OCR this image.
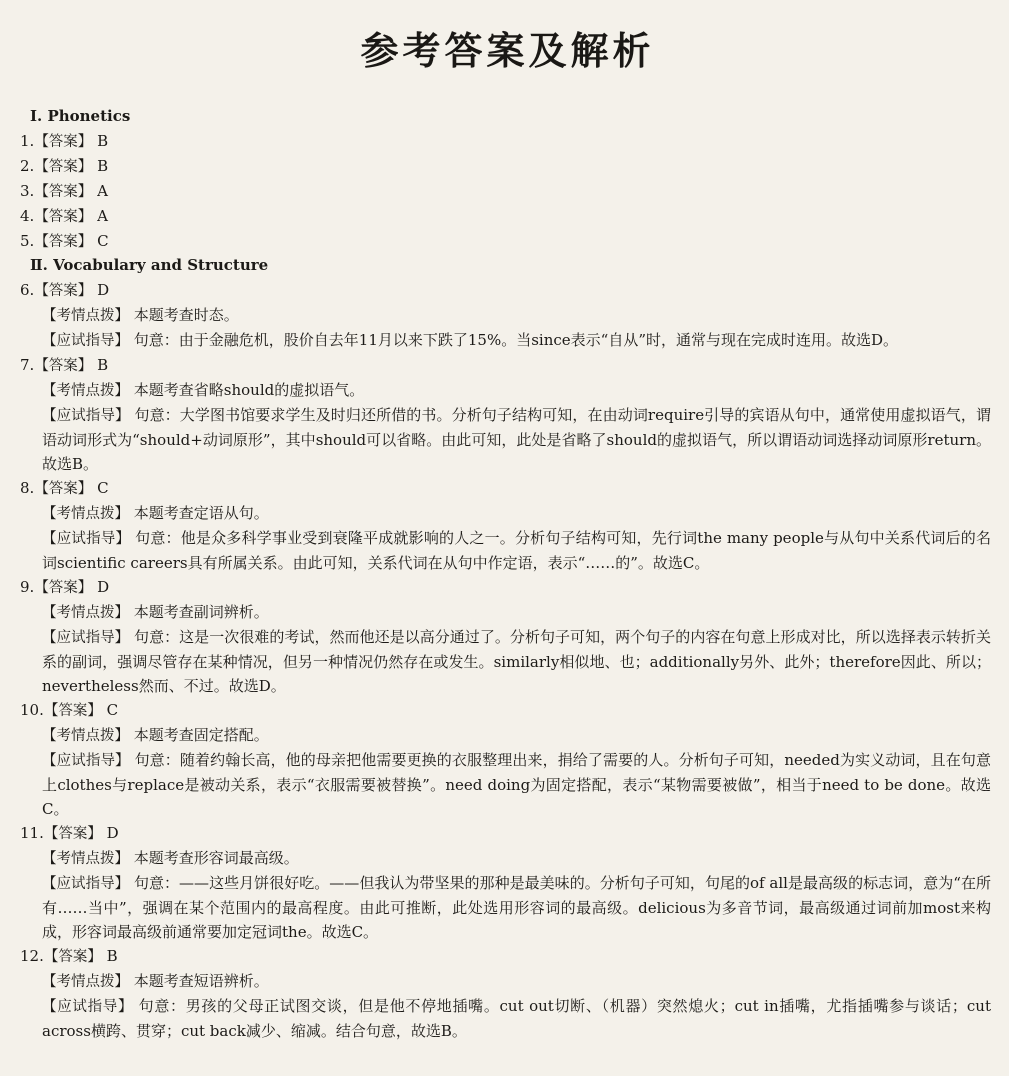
参考答案及解析
Ⅰ. Phonetics
1.【答案】 B
2.【答案】 B
3.【答案】 A
4.【答案】 A
5.【答案】 C
Ⅱ. Vocabulary and Structure
6.【答案】 D
【考情点拨】 本题考查时态。
【应试指导】 句意：由于金融危机，股价自去年11月以来下跌了15%。当since表示“自从”时，通常与现在完成时连用。故选D。
7.【答案】 B
【考情点拨】 本题考查省略should的虚拟语气。
【应试指导】 句意：大学图书馆要求学生及时归还所借的书。分析句子结构可知，在由动词require引导的宾语从句中，通常使用虚拟语气，谓语动词形式为“should+动词原形”，其中should可以省略。由此可知，此处是省略了should的虚拟语气，所以谓语动词选择动词原形return。故选B。
8.【答案】 C
【考情点拨】 本题考查定语从句。
【应试指导】 句意：他是众多科学事业受到衰隆平成就影响的人之一。分析句子结构可知，先行词the many people与从句中关系代词后的名词scientific careers具有所属关系。由此可知，关系代词在从句中作定语，表示“……的”。故选C。
9.【答案】 D
【考情点拨】 本题考查副词辨析。
【应试指导】 句意：这是一次很难的考试，然而他还是以高分通过了。分析句子可知，两个句子的内容在句意上形成对比，所以选择表示转折关系的副词，强调尽管存在某种情况，但另一种情况仍然存在或发生。similarly相似地、也；additionally另外、此外；therefore因此、所以；nevertheless然而、不过。故选D。
10.【答案】 C
【考情点拨】 本题考查固定搭配。
【应试指导】 句意：随着约翰长高，他的母亲把他需要更换的衣服整理出来，捐给了需要的人。分析句子可知，needed为实义动词，且在句意上clothes与replace是被动关系，表示“衣服需要被替换”。need doing为固定搭配，表示“某物需要被做”，相当于need to be done。故选C。
11.【答案】 D
【考情点拨】 本题考查形容词最高级。
【应试指导】 句意：——这些月饼很好吃。——但我认为带坚果的那种是最美味的。分析句子可知，句尾的of all是最高级的标志词，意为“在所有……当中”，强调在某个范围内的最高程度。由此可推断，此处选用形容词的最高级。delicious为多音节词，最高级通过词前加most来构成，形容词最高级前通常要加定冠词the。故选C。
12.【答案】 B
【考情点拨】 本题考查短语辨析。
【应试指导】 句意：男孩的父母正试图交谈，但是他不停地插嘴。cut out切断、（机器）突然熄火；cut in插嘴，尤指插嘴参与谈话；cut across横跨、贯穿；cut back减少、缩减。结合句意，故选B。
